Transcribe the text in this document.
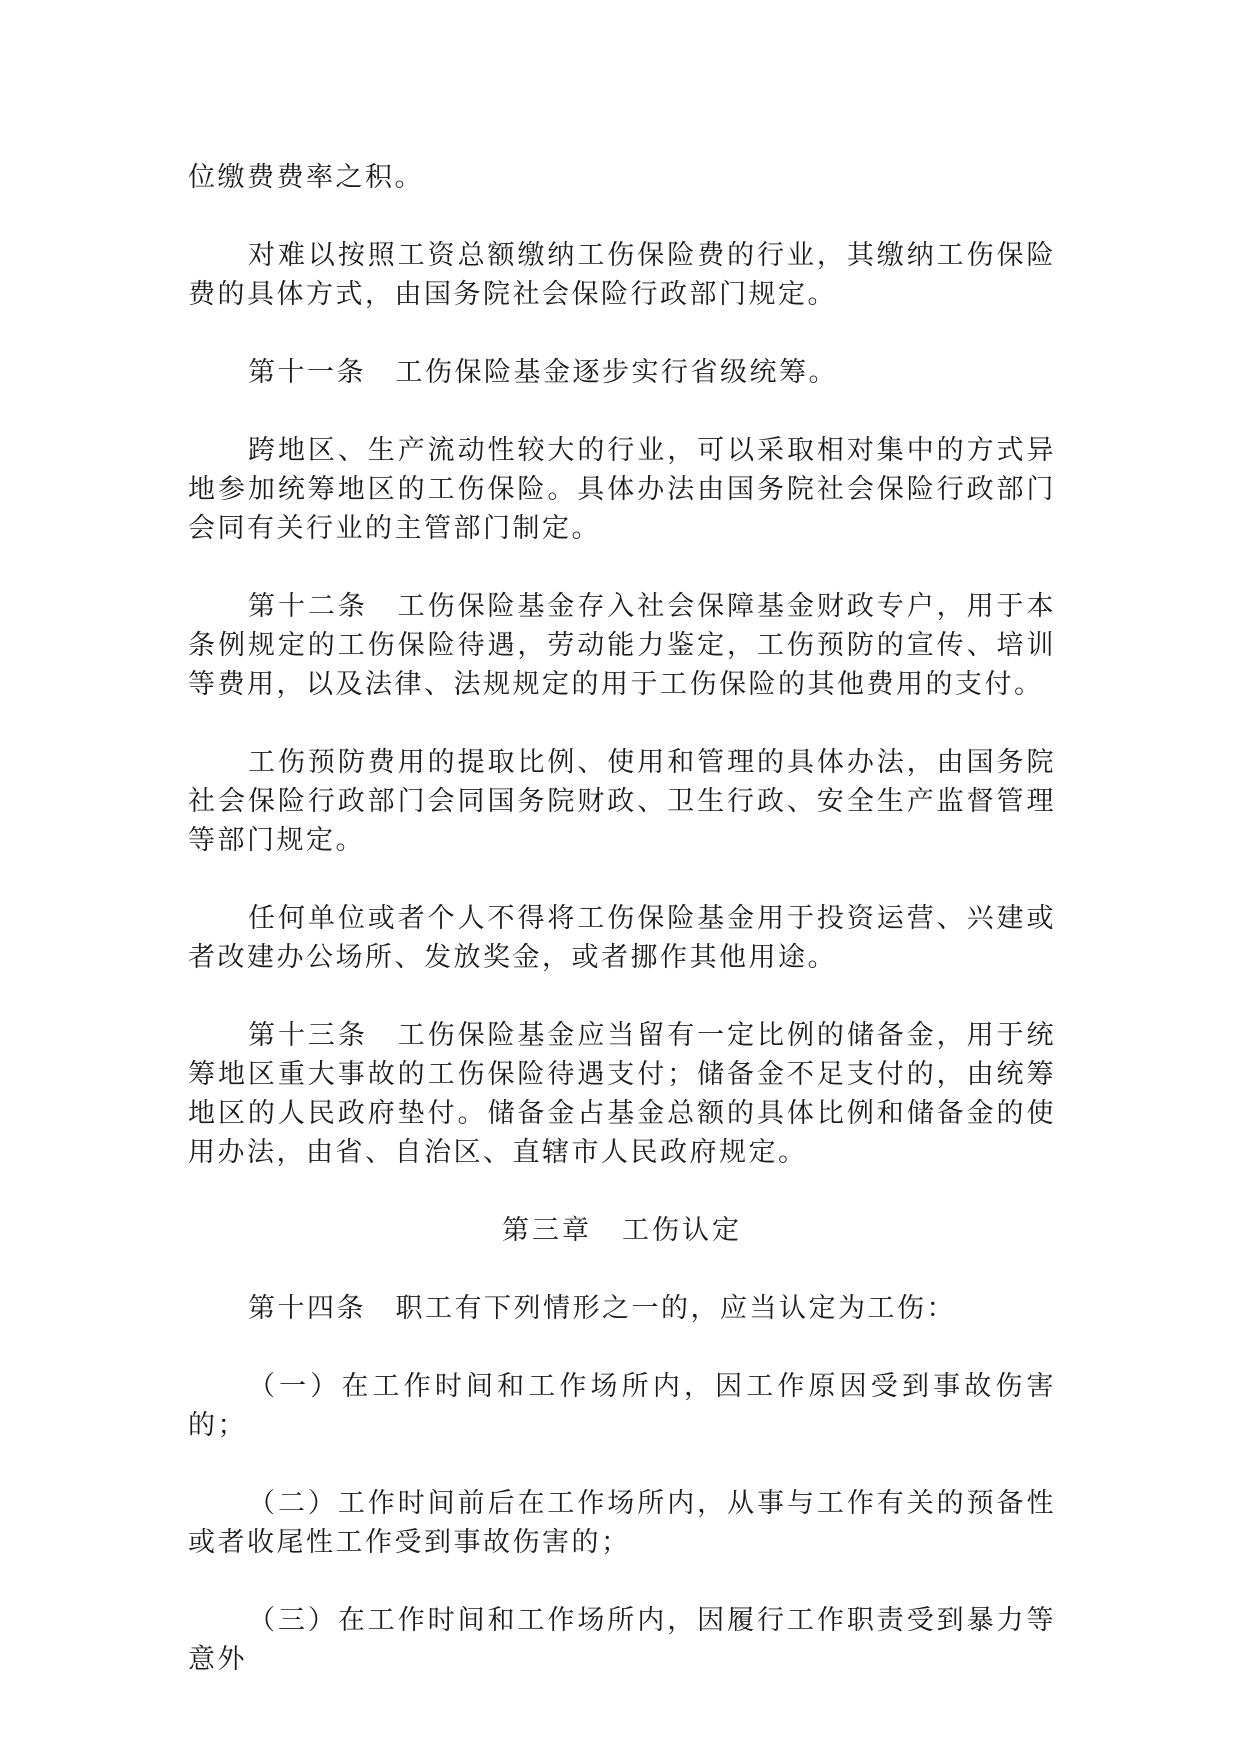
位缴费费率之积。

对难以按照工资总额缴纳工伤保险费的行业，其缴纳工伤保险费的具体方式，由国务院社会保险行政部门规定。

第十一条　工伤保险基金逐步实行省级统筹。

跨地区、生产流动性较大的行业，可以采取相对集中的方式异地参加统筹地区的工伤保险。具体办法由国务院社会保险行政部门会同有关行业的主管部门制定。

第十二条　工伤保险基金存入社会保障基金财政专户，用于本条例规定的工伤保险待遇，劳动能力鉴定，工伤预防的宣传、培训等费用，以及法律、法规规定的用于工伤保险的其他费用的支付。

工伤预防费用的提取比例、使用和管理的具体办法，由国务院社会保险行政部门会同国务院财政、卫生行政、安全生产监督管理等部门规定。

任何单位或者个人不得将工伤保险基金用于投资运营、兴建或者改建办公场所、发放奖金，或者挪作其他用途。

第十三条　工伤保险基金应当留有一定比例的储备金，用于统筹地区重大事故的工伤保险待遇支付；储备金不足支付的，由统筹地区的人民政府垫付。储备金占基金总额的具体比例和储备金的使用办法，由省、自治区、直辖市人民政府规定。

第三章　工伤认定

第十四条　职工有下列情形之一的，应当认定为工伤：

（一）在工作时间和工作场所内，因工作原因受到事故伤害的；

（二）工作时间前后在工作场所内，从事与工作有关的预备性或者收尾性工作受到事故伤害的；

（三）在工作时间和工作场所内，因履行工作职责受到暴力等意外
